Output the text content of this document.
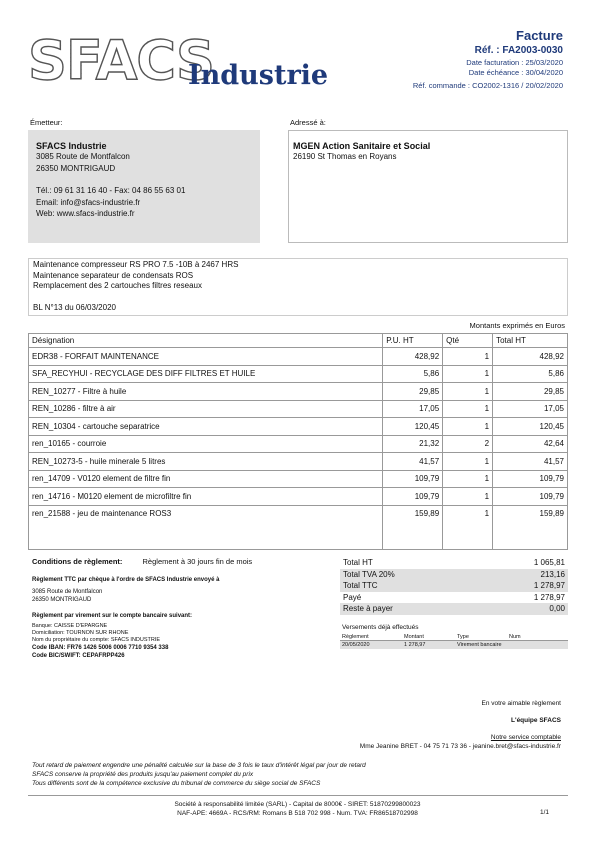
SFACS
Industrie
Facture
Réf. : FA2003-0030
Date facturation : 25/03/2020
Date échéance : 30/04/2020
Réf. commande : CO2002-1316 / 20/02/2020
Émetteur:	Adressé à:
SFACS Industrie
3085 Route de Montfalcon
26350 MONTRIGAUD
Tél.: 09 61 31 16 40 - Fax: 04 86 55 63 01
Email: info@sfacs-industrie.fr
Web: www.sfacs-industrie.fr
MGEN Action Sanitaire et Social
26190 St Thomas en Royans
Maintenance compresseur RS PRO 7.5 -10B à 2467 HRS
Maintenance separateur de condensats ROS
Remplacement des 2 cartouches filtres reseaux
BL N°13 du 06/03/2020
Montants exprimés en Euros
Désignation	P.U. HT	Qté	Total HT
EDR38 - FORFAIT MAINTENANCE	428,92	1	428,92
SFA_RECYHUI - RECYCLAGE DES DIFF FILTRES ET HUILE	5,86	1	5,86
REN_10277 - Filtre à huile	29,85	1	29,85
REN_10286 - filtre à air	17,05	1	17,05
REN_10304 - cartouche separatrice	120,45	1	120,45
ren_10165 - courroie	21,32	2	42,64
REN_10273-5 - huile minerale 5 litres	41,57	1	41,57
ren_14709 - V0120 element de filtre fin	109,79	1	109,79
ren_14716 - M0120 element de microfiltre fin	109,79	1	109,79
ren_21588 - jeu de maintenance ROS3	159,89	1	159,89
Conditions de règlement:	Règlement à 30 jours fin de mois
Règlement TTC par chèque à l'ordre de SFACS Industrie envoyé à
3085 Route de Montfalcon
26350 MONTRIGAUD
Règlement par virement sur le compte bancaire suivant:
Banque: CAISSE D'EPARGNE
Domiciliation: TOURNON SUR RHONE
Nom du propriétaire du compte: SFACS INDUSTRIE
Code IBAN: FR76 1426 5006 0006 7710 9354 338
Code BIC/SWIFT: CEPAFRPP426
Total HT	1 065,81
Total TVA 20%	213,16
Total TTC	1 278,97
Payé	1 278,97
Reste à payer	0,00
Versements déjà effectués
Règlement	Montant	Type	Num
20/05/2020	1 278,97	Virement bancaire
En votre aimable règlement
L'équipe SFACS
Notre service comptable
Mme Jeanine BRET - 04 75 71 73 36 - jeanine.bret@sfacs-industrie.fr
Tout retard de paiement engendre une pénalité calculée sur la base de 3 fois le taux d'intérêt légal par jour de retard
SFACS conserve la propriété des produits jusqu'au paiement complet du prix
Tous différents sont de la compétence exclusive du tribunal de commerce du siège social de SFACS
Société à responsabilité limitée (SARL) - Capital de 8000€ - SIRET: 51870299800023
NAF-APE: 4669A - RCS/RM: Romans B 518 702 998 - Num. TVA: FR86518702998	1/1
